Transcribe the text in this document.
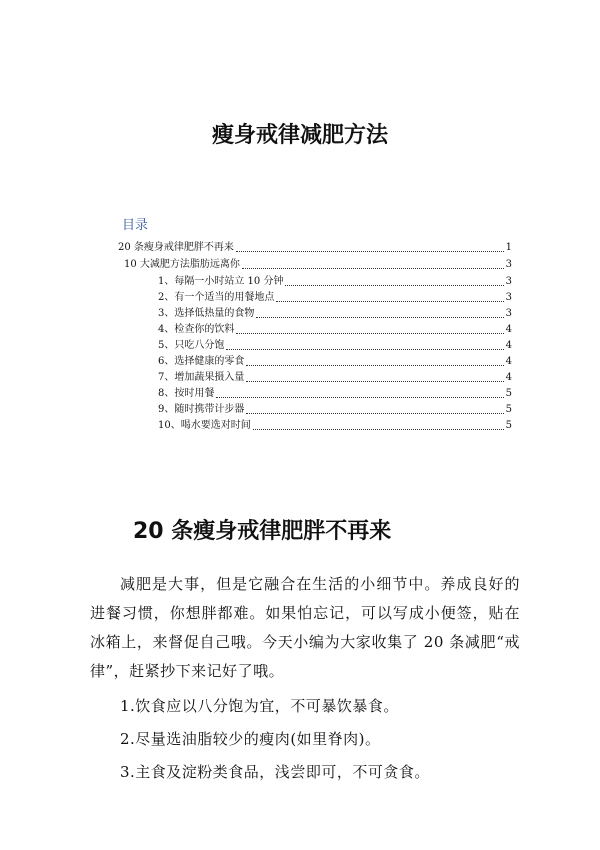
瘦身戒律减肥方法
目录
20 条瘦身戒律肥胖不再来	1
10 大减肥方法脂肪远离你	3
1、每隔一小时站立 10 分钟	3
2、有一个适当的用餐地点	3
3、选择低热量的食物	3
4、检查你的饮料	4
5、只吃八分饱	4
6、选择健康的零食	4
7、增加蔬果摄入量	4
8、按时用餐	5
9、随时携带计步器	5
10、喝水要选对时间	5
20 条瘦身戒律肥胖不再来

减肥是大事，但是它融合在生活的小细节中。养成良好的进餐习惯，你想胖都难。如果怕忘记，可以写成小便签，贴在冰箱上，来督促自己哦。今天小编为大家收集了 20 条减肥“戒律”，赶紧抄下来记好了哦。

1.饮食应以八分饱为宜，不可暴饮暴食。
2.尽量选油脂较少的瘦肉(如里脊肉)。
3.主食及淀粉类食品，浅尝即可，不可贪食。
